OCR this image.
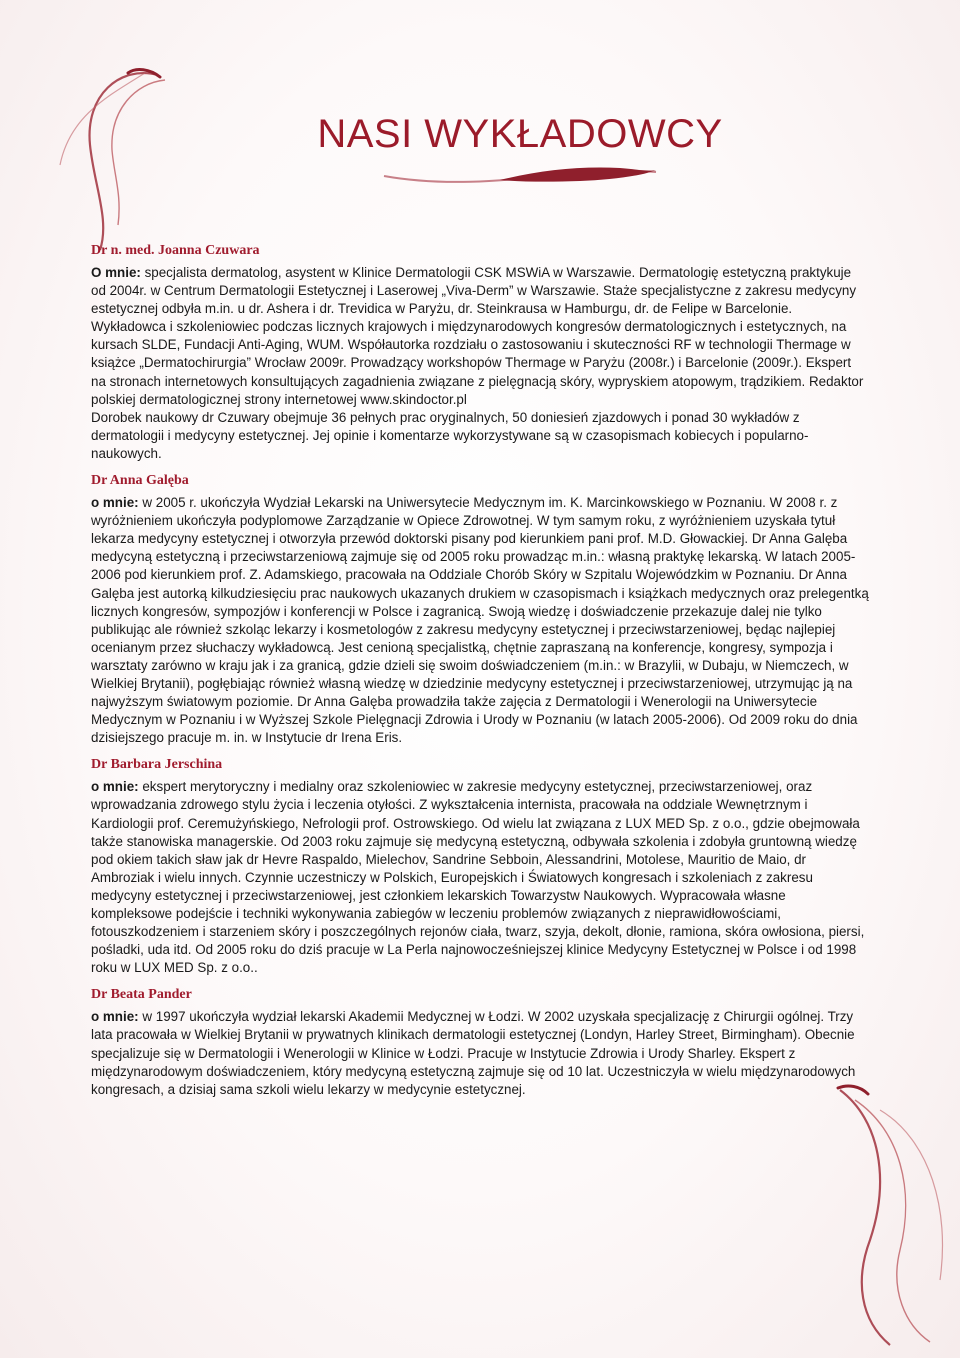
NASI WYKŁADOWCY
Dr n. med. Joanna Czuwara

O mnie: specjalista dermatolog, asystent w Klinice Dermatologii CSK MSWiA w Warszawie. Dermatologię estetyczną praktykuje od 2004r. w Centrum Dermatologii Estetycznej i Laserowej „Viva-Derm” w Warszawie. Staże specjalistyczne z zakresu medycyny estetycznej odbyła m.in. u dr. Ashera i dr. Trevidica w Paryżu, dr. Steinkrausa w Hamburgu, dr. de Felipe w Barcelonie. Wykładowca i szkoleniowiec podczas licznych krajowych i międzynarodowych kongresów dermatologicznych i estetycznych, na kursach SLDE, Fundacji Anti-Aging, WUM. Współautorka rozdziału o zastosowaniu i skuteczności RF w technologii Thermage w książce „Dermatochirurgia” Wrocław 2009r. Prowadzący workshopów Thermage w Paryżu (2008r.) i Barcelonie (2009r.). Ekspert na stronach internetowych konsultujących zagadnienia związane z pielęgnacją skóry, wypryskiem atopowym, trądzikiem. Redaktor polskiej dermatologicznej strony internetowej www.skindoctor.pl

Dorobek naukowy dr Czuwary obejmuje 36 pełnych prac oryginalnych, 50 doniesień zjazdowych i ponad 30 wykładów z dermatologii i medycyny estetycznej. Jej opinie i komentarze wykorzystywane są w czasopismach kobiecych i popularno-naukowych.

Dr Anna Galęba

o mnie: w 2005 r. ukończyła Wydział Lekarski na Uniwersytecie Medycznym im. K. Marcinkowskiego w Poznaniu. W 2008 r. z wyróżnieniem ukończyła podyplomowe Zarządzanie w Opiece Zdrowotnej. W tym samym roku, z wyróżnieniem uzyskała tytuł lekarza medycyny estetycznej i otworzyła przewód doktorski pisany pod kierunkiem pani prof. M.D. Głowackiej. Dr Anna Galęba medycyną estetyczną i przeciwstarzeniową zajmuje się od 2005 roku prowadząc m.in.: własną praktykę lekarską. W latach 2005-2006 pod kierunkiem prof. Z. Adamskiego, pracowała na Oddziale Chorób Skóry w Szpitalu Wojewódzkim w Poznaniu. Dr Anna Galęba jest autorką kilkudziesięciu prac naukowych ukazanych drukiem w czasopismach i książkach medycznych oraz prelegentką licznych kongresów, sympozjów i konferencji w Polsce i zagranicą. Swoją wiedzę i doświadczenie przekazuje dalej nie tylko publikując ale również szkoląc lekarzy i kosmetologów z zakresu medycyny estetycznej i przeciwstarzeniowej, będąc najlepiej ocenianym przez słuchaczy wykładowcą. Jest cenioną specjalistką, chętnie zapraszaną na konferencje, kongresy, sympozja i warsztaty zarówno w kraju jak i za granicą, gdzie dzieli się swoim doświadczeniem (m.in.: w Brazylii, w Dubaju, w Niemczech, w Wielkiej Brytanii), pogłębiając również własną wiedzę w dziedzinie medycyny estetycznej i przeciwstarzeniowej, utrzymując ją na najwyższym światowym poziomie. Dr Anna Galęba prowadziła także zajęcia z Dermatologii i Wenerologii na Uniwersytecie Medycznym w Poznaniu i w Wyższej Szkole Pielęgnacji Zdrowia i Urody w Poznaniu (w latach 2005-2006). Od 2009 roku do dnia dzisiejszego pracuje m. in. w Instytucie dr Irena Eris.

Dr Barbara Jerschina

o mnie: ekspert merytoryczny i medialny oraz szkoleniowiec w zakresie medycyny estetycznej, przeciwstarzeniowej, oraz wprowadzania zdrowego stylu życia i leczenia otyłości. Z wykształcenia internista, pracowała na oddziale Wewnętrznym i Kardiologii prof. Ceremużyńskiego, Nefrologii prof. Ostrowskiego. Od wielu lat związana z LUX MED Sp. z o.o., gdzie obejmowała także stanowiska managerskie. Od 2003 roku zajmuje się medycyną estetyczną, odbywała szkolenia i zdobyła gruntowną wiedzę pod okiem takich sław jak dr Hevre Raspaldo, Mielechov, Sandrine Sebboin, Alessandrini, Motolese, Mauritio de Maio, dr Ambroziak i wielu innych. Czynnie uczestniczy w Polskich, Europejskich i Światowych kongresach i szkoleniach z zakresu medycyny estetycznej i przeciwstarzeniowej, jest członkiem lekarskich Towarzystw Naukowych. Wypracowała własne kompleksowe podejście i techniki wykonywania zabiegów w leczeniu problemów związanych z nieprawidłowościami, fotouszkodzeniem i starzeniem skóry i poszczególnych rejonów ciała, twarz, szyja, dekolt, dłonie, ramiona, skóra owłosiona, piersi, pośladki, uda itd. Od 2005 roku do dziś pracuje w La Perla najnowocześniejszej klinice Medycyny Estetycznej w Polsce i od 1998 roku w LUX MED Sp. z o.o..

Dr Beata Pander

o mnie: w 1997 ukończyła wydział lekarski Akademii Medycznej w Łodzi. W 2002 uzyskała specjalizację z Chirurgii ogólnej. Trzy lata pracowała w Wielkiej Brytanii w prywatnych klinikach dermatologii estetycznej (Londyn, Harley Street, Birmingham). Obecnie specjalizuje się w Dermatologii i Wenerologii w Klinice w Łodzi. Pracuje w Instytucie Zdrowia i Urody Sharley. Ekspert z międzynarodowym doświadczeniem, który medycyną estetyczną zajmuje się od 10 lat. Uczestniczyła w wielu międzynarodowych kongresach, a dzisiaj sama szkoli wielu lekarzy w medycynie estetycznej.
